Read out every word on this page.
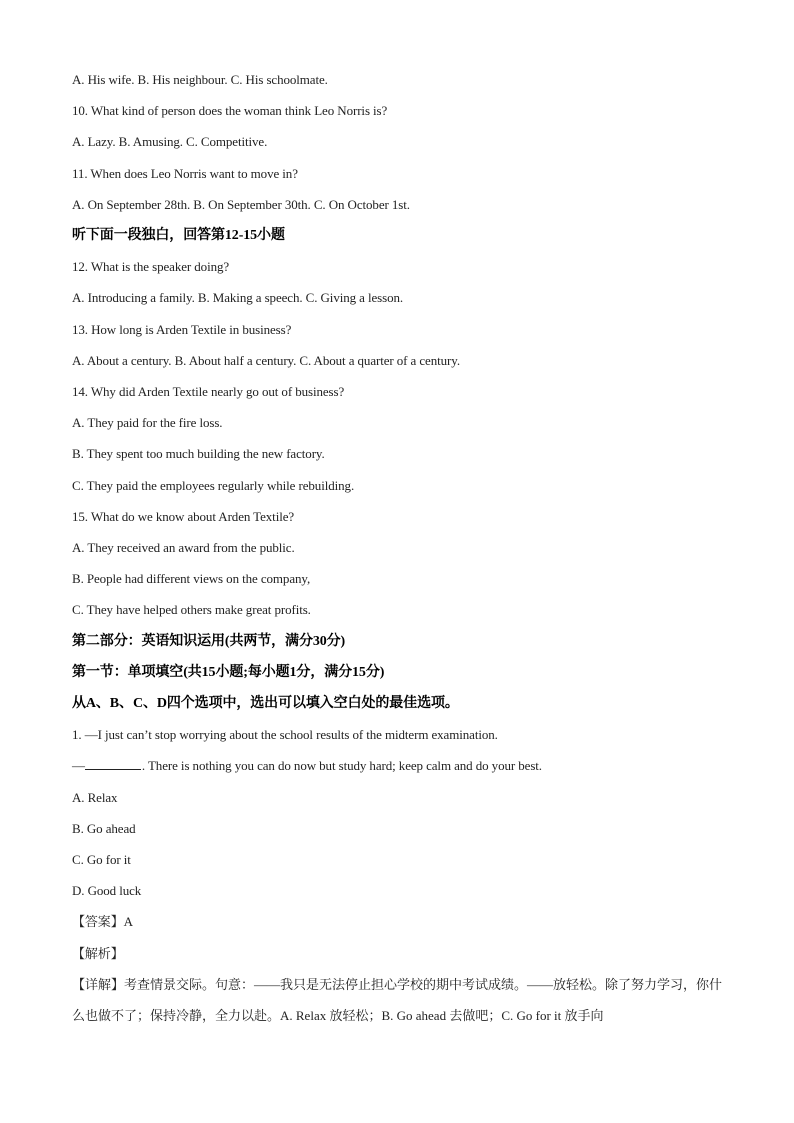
A. His wife. B. His neighbour. C. His schoolmate.
10. What kind of person does the woman think Leo Norris is?
A. Lazy. B. Amusing. C. Competitive.
11. When does Leo Norris want to move in?
A. On September 28th. B. On September 30th. C. On October 1st.
听下面一段独白，回答第12-15小题
12. What is the speaker doing?
A. Introducing a family. B. Making a speech. C. Giving a lesson.
13. How long is Arden Textile in business?
A. About a century. B. About half a century. C. About a quarter of a century.
14. Why did Arden Textile nearly go out of business?
A. They paid for the fire loss.
B. They spent too much building the new factory.
C. They paid the employees regularly while rebuilding.
15. What do we know about Arden Textile?
A. They received an award from the public.
B. People had different views on the company,
C. They have helped others make great profits.
第二部分：英语知识运用(共两节，满分30分)
第一节：单项填空(共15小题;每小题1分，满分15分)
从A、B、C、D四个选项中，选出可以填入空白处的最佳选项。
1. —I just can’t stop worrying about the school results of the midterm examination.
—	. There is nothing you can do now but study hard; keep calm and do your best.
A. Relax
B. Go ahead
C. Go for it
D. Good luck
【答案】A
【解析】
【详解】考查情景交际。句意：——我只是无法停止担心学校的期中考试成绩。——放轻松。除了努力学习，你什么也做不了；保持冷静，全力以赴。A. Relax 放轻松；B. Go ahead 去做吧；C. Go for it 放手向
